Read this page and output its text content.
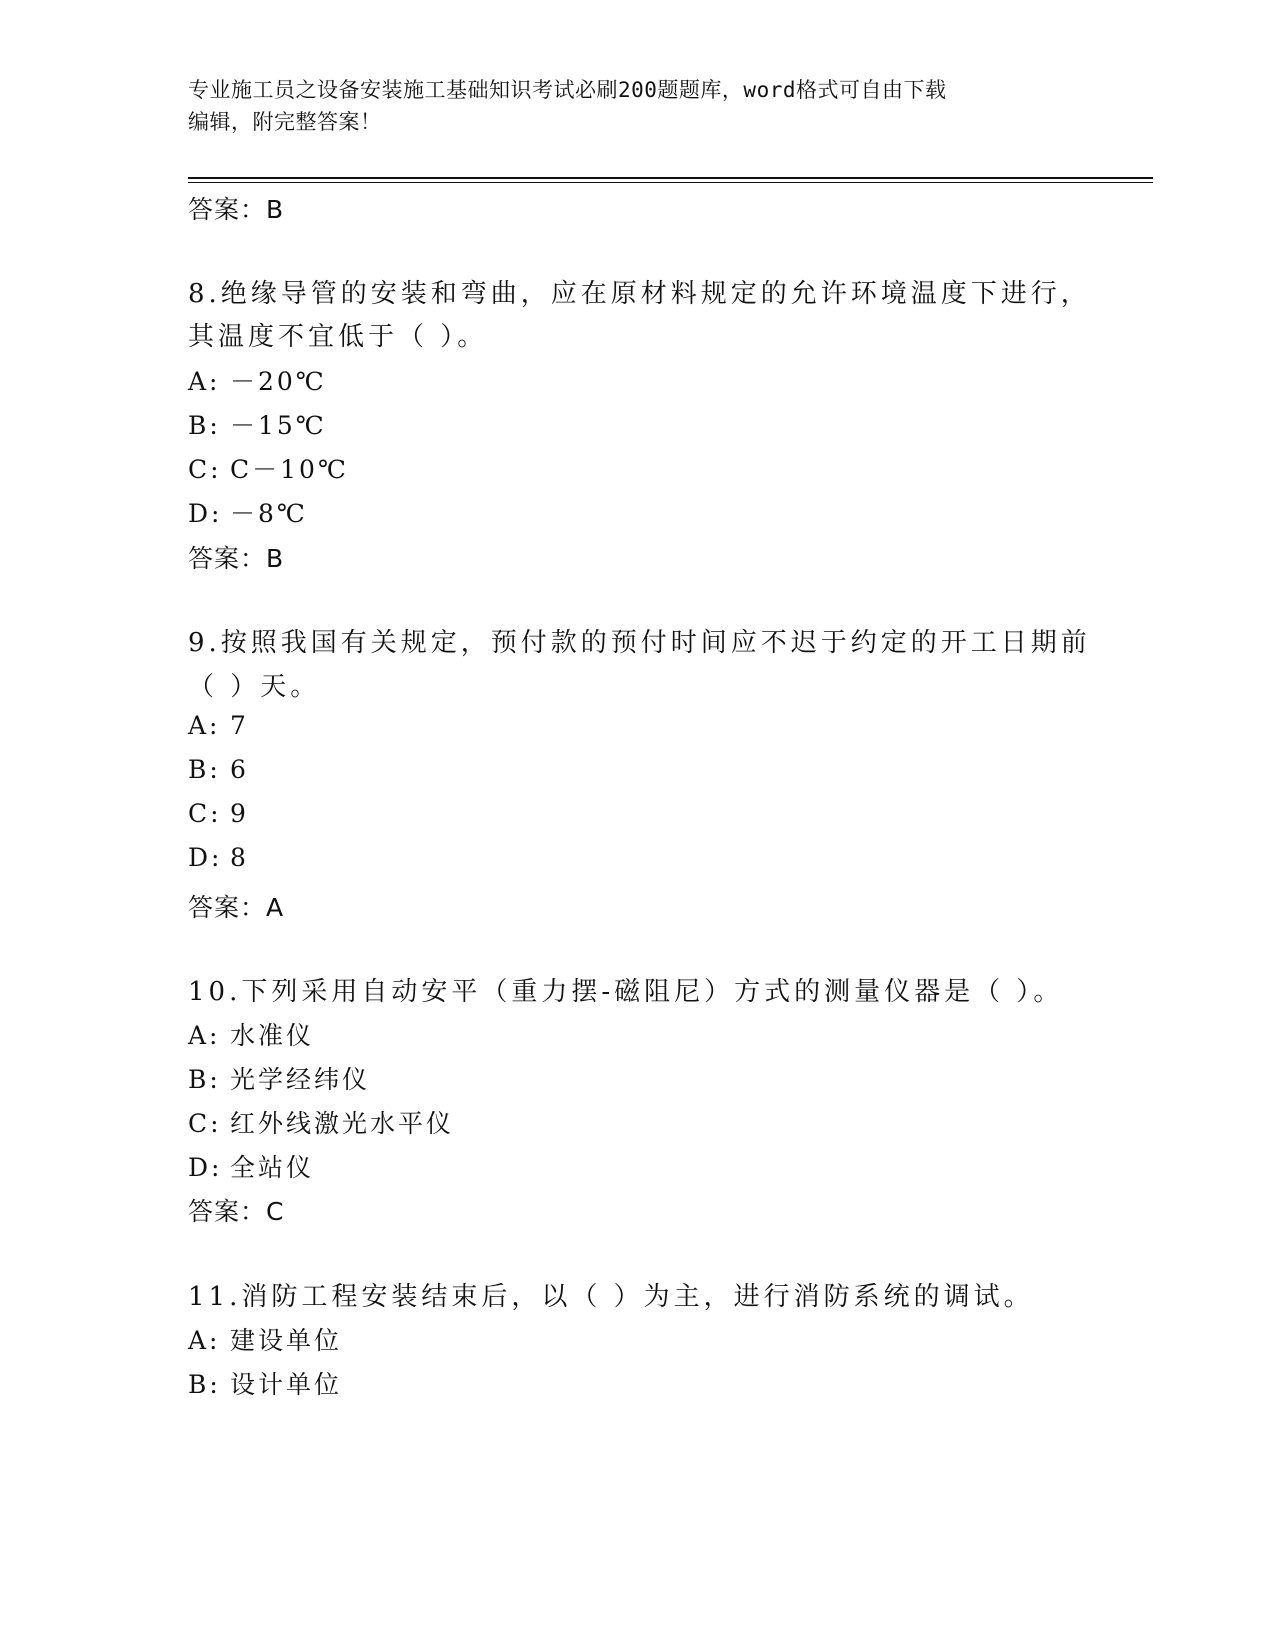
专业施工员之设备安装施工基础知识考试必刷200题题库，word格式可自由下载
编辑，附完整答案！
答案：B
8.绝缘导管的安装和弯曲，应在原材料规定的允许环境温度下进行，
其温度不宜低于（ ）。
A: －20℃
B: －15℃
C: C－10℃
D: －8℃
答案：B
9.按照我国有关规定，预付款的预付时间应不迟于约定的开工日期前
（ ）天。
A: 7
B: 6
C: 9
D: 8
答案：A
10.下列采用自动安平（重力摆-磁阻尼）方式的测量仪器是（ ）。
A: 水准仪
B: 光学经纬仪
C: 红外线激光水平仪
D: 全站仪
答案：C
11.消防工程安装结束后，以（ ）为主，进行消防系统的调试。
A: 建设单位
B: 设计单位
